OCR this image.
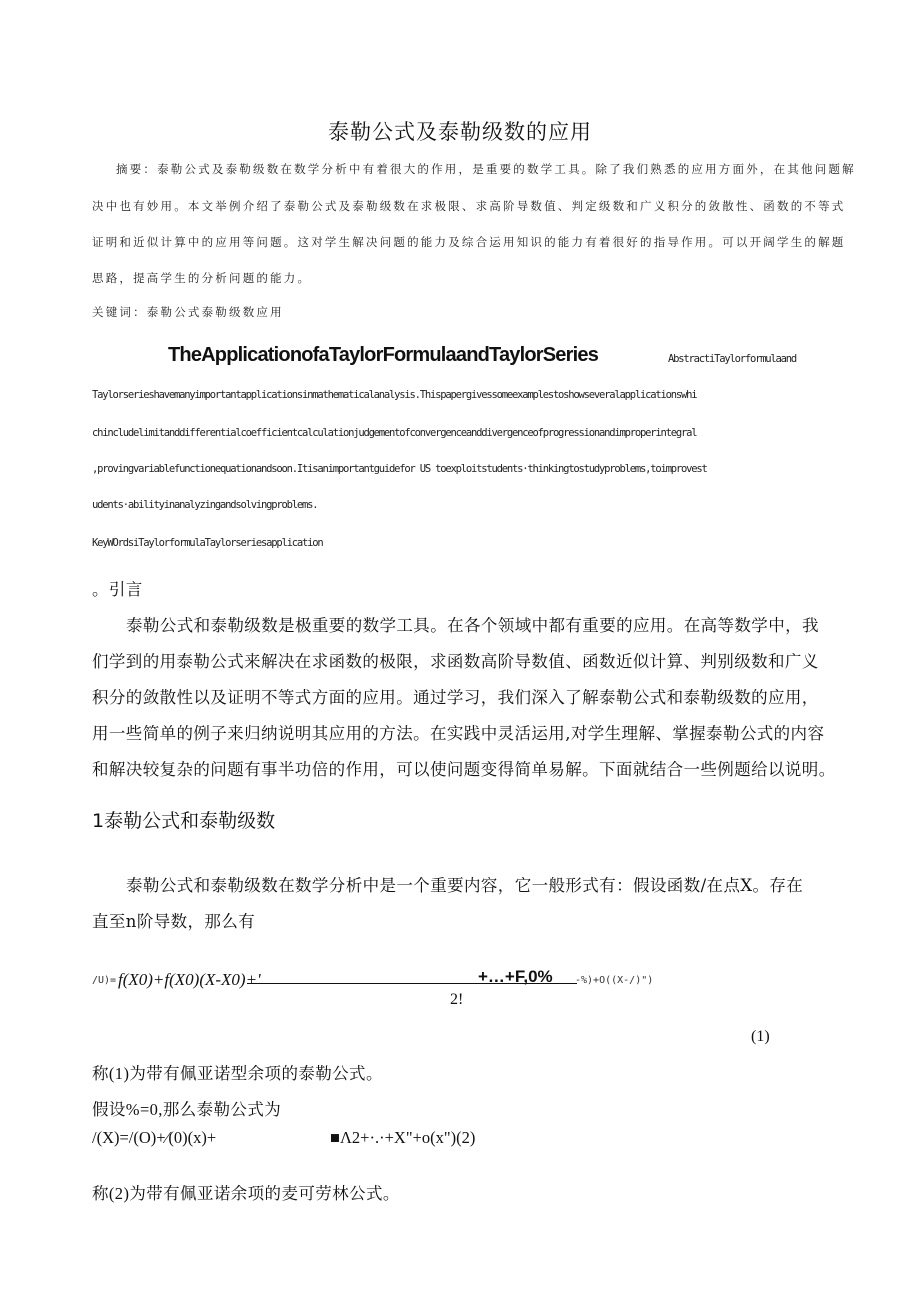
泰勒公式及泰勒级数的应用
摘要：泰勒公式及泰勒级数在数学分析中有着很大的作用，是重要的数学工具。除了我们熟悉的应用方面外，在其他问题解
决中也有妙用。本文举例介绍了泰勒公式及泰勒级数在求极限、求高阶导数值、判定级数和广义积分的敛散性、函数的不等式
证明和近似计算中的应用等问题。这对学生解决问题的能力及综合运用知识的能力有着很好的指导作用。可以开阔学生的解题
思路，提高学生的分析问题的能力。
关键词：泰勒公式泰勒级数应用
TheApplicationofaTaylorFormulaandTaylorSeries	AbstractiTaylorformulaand
Taylorserieshavemanyimportantapplicationsinmathematicalanalysis.Thispapergivessomeexamplestoshowseveralapplicationswhi
chincludelimitanddifferentialcoefficientcalculationjudgementofconvergenceanddivergenceofprogressionandimproperintegral
,provingvariablefunctionequationandsoon.Itisanimportantguidefor US toexploitstudents·thinkingtostudyproblems,toimprovest
udents·abilityinanalyzingandsolvingproblems.
KeyWOrdsiTaylorformulaTaylorseriesapplication
。引言
泰勒公式和泰勒级数是极重要的数学工具。在各个领域中都有重要的应用。在高等数学中，我
们学到的用泰勒公式来解决在求函数的极限，求函数高阶导数值、函数近似计算、判别级数和广义
积分的敛散性以及证明不等式方面的应用。通过学习，我们深入了解泰勒公式和泰勒级数的应用，
用一些简单的例子来归纳说明其应用的方法。在实践中灵活运用,对学生理解、掌握泰勒公式的内容
和解决较复杂的问题有事半功倍的作用，可以使问题变得简单易解。下面就结合一些例题给以说明。
1泰勒公式和泰勒级数
泰勒公式和泰勒级数在数学分析中是一个重要内容，它一般形式有：假设函数/在点X。存在
直至n阶导数，那么有
/U)= f(X0)+f(X0)(X-X0)+'	+…+F,0% -%)+O((X-/)")
2!
(1)
称(1)为带有佩亚诺型余项的泰勒公式。
假设%=0,那么泰勒公式为
/(X)=/(O)+⁄(0)(x)+	■Λ2+·.·+X"+o(x")(2)
称(2)为带有佩亚诺余项的麦可劳林公式。
